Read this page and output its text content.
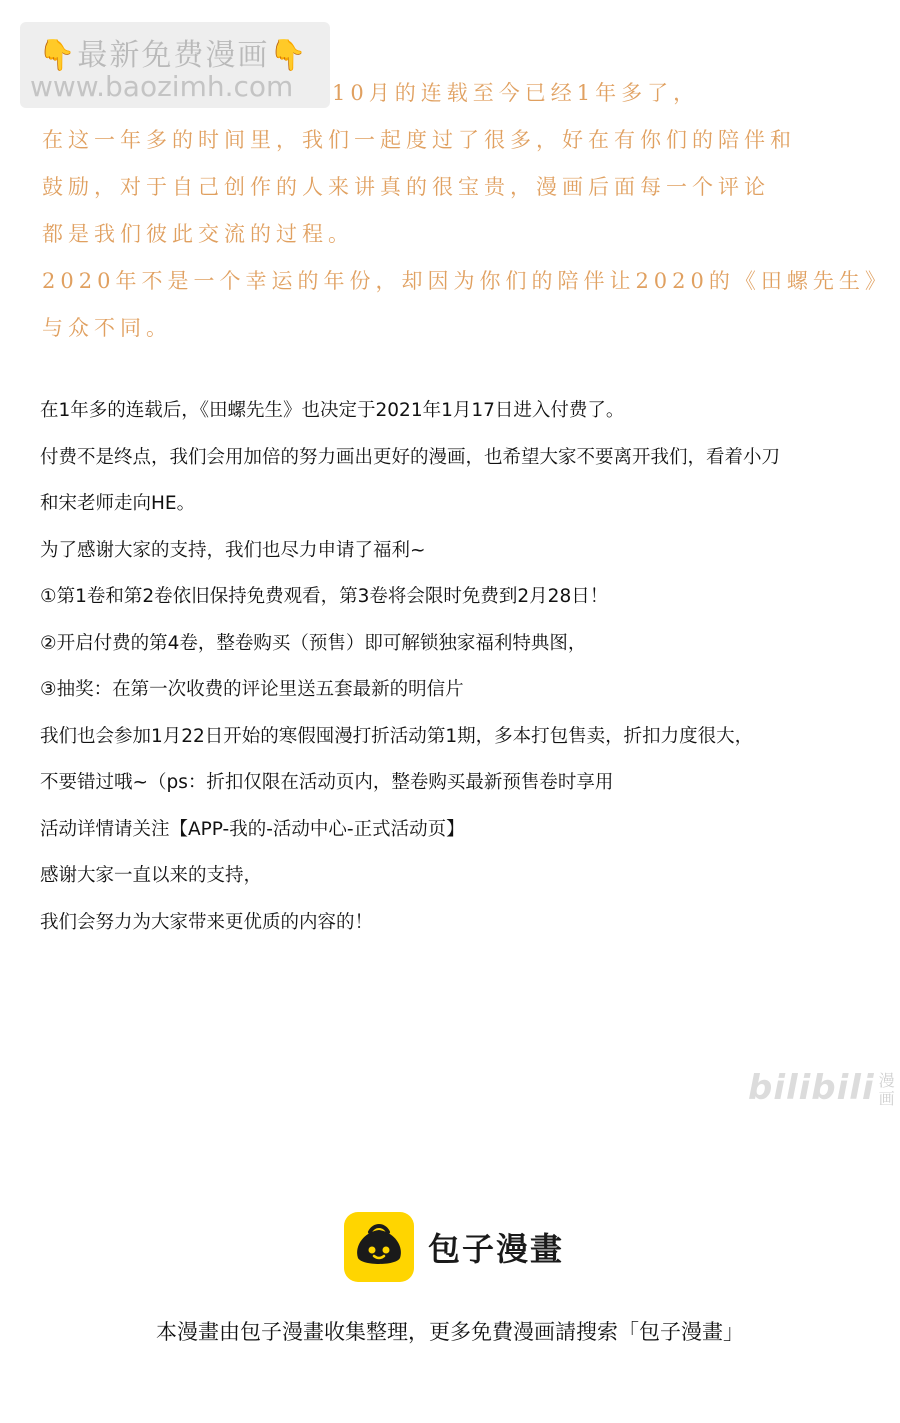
👇最新免费漫画👇
www.baozimh.com	10月的连载至今已经1年多了，
在这一年多的时间里，我们一起度过了很多，好在有你们的陪伴和
鼓励，对于自己创作的人来讲真的很宝贵，漫画后面每一个评论
都是我们彼此交流的过程。
2020年不是一个幸运的年份，却因为你们的陪伴让2020的《田螺先生》
与众不同。
在1年多的连载后，《田螺先生》也决定于2021年1月17日进入付费了。
付费不是终点，我们会用加倍的努力画出更好的漫画，也希望大家不要离开我们，看着小刀
和宋老师走向HE。
为了感谢大家的支持，我们也尽力申请了福利~
①第1卷和第2卷依旧保持免费观看，第3卷将会限时免费到2月28日！
②开启付费的第4卷，整卷购买（预售）即可解锁独家福利特典图，
③抽奖：在第一次收费的评论里送五套最新的明信片
我们也会参加1月22日开始的寒假囤漫打折活动第1期，多本打包售卖，折扣力度很大，
不要错过哦~（ps：折扣仅限在活动页内，整卷购买最新预售卷时享用
活动详情请关注【APP-我的-活动中心-正式活动页】
感谢大家一直以来的支持，
我们会努力为大家带来更优质的内容的！
bilibili 漫画
包子漫畫
本漫畫由包子漫畫收集整理，更多免費漫画請搜索「包子漫畫」
